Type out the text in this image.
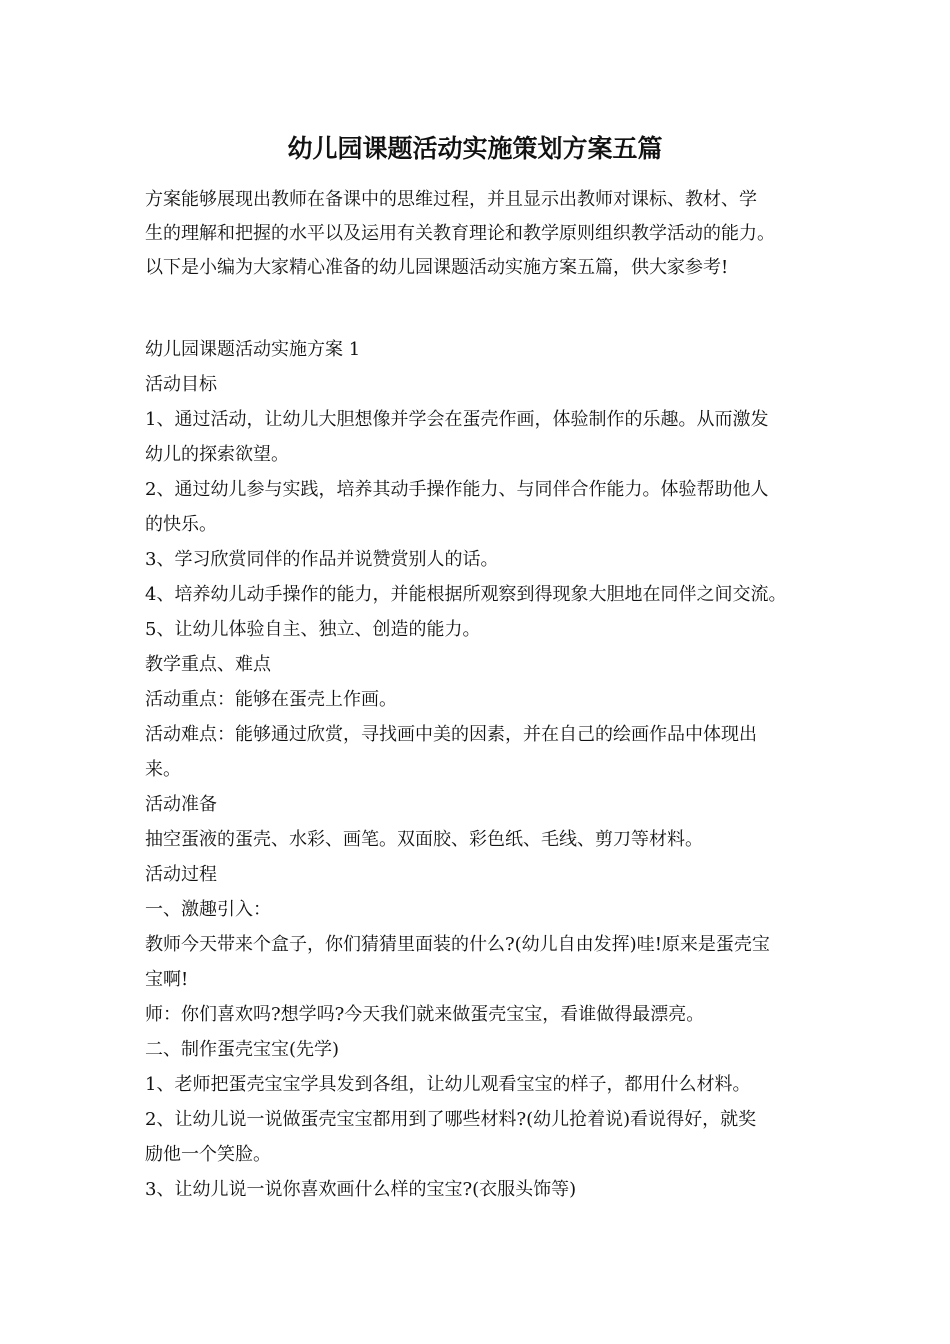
幼儿园课题活动实施策划方案五篇
方案能够展现出教师在备课中的思维过程，并且显示出教师对课标、教材、学
生的理解和把握的水平以及运用有关教育理论和教学原则组织教学活动的能力。
以下是小编为大家精心准备的幼儿园课题活动实施方案五篇，供大家参考!
幼儿园课题活动实施方案 1
活动目标
1、通过活动，让幼儿大胆想像并学会在蛋壳作画，体验制作的乐趣。从而激发
幼儿的探索欲望。
2、通过幼儿参与实践，培养其动手操作能力、与同伴合作能力。体验帮助他人
的快乐。
3、学习欣赏同伴的作品并说赞赏别人的话。
4、培养幼儿动手操作的能力，并能根据所观察到得现象大胆地在同伴之间交流。
5、让幼儿体验自主、独立、创造的能力。
教学重点、难点
活动重点：能够在蛋壳上作画。
活动难点：能够通过欣赏，寻找画中美的因素，并在自己的绘画作品中体现出
来。
活动准备
抽空蛋液的蛋壳、水彩、画笔。双面胶、彩色纸、毛线、剪刀等材料。
活动过程
一、激趣引入：
教师今天带来个盒子，你们猜猜里面装的什么?(幼儿自由发挥)哇!原来是蛋壳宝
宝啊!
师：你们喜欢吗?想学吗?今天我们就来做蛋壳宝宝，看谁做得最漂亮。
二、制作蛋壳宝宝(先学)
1、老师把蛋壳宝宝学具发到各组，让幼儿观看宝宝的样子，都用什么材料。
2、让幼儿说一说做蛋壳宝宝都用到了哪些材料?(幼儿抢着说)看说得好，就奖
励他一个笑脸。
3、让幼儿说一说你喜欢画什么样的宝宝?(衣服头饰等)
